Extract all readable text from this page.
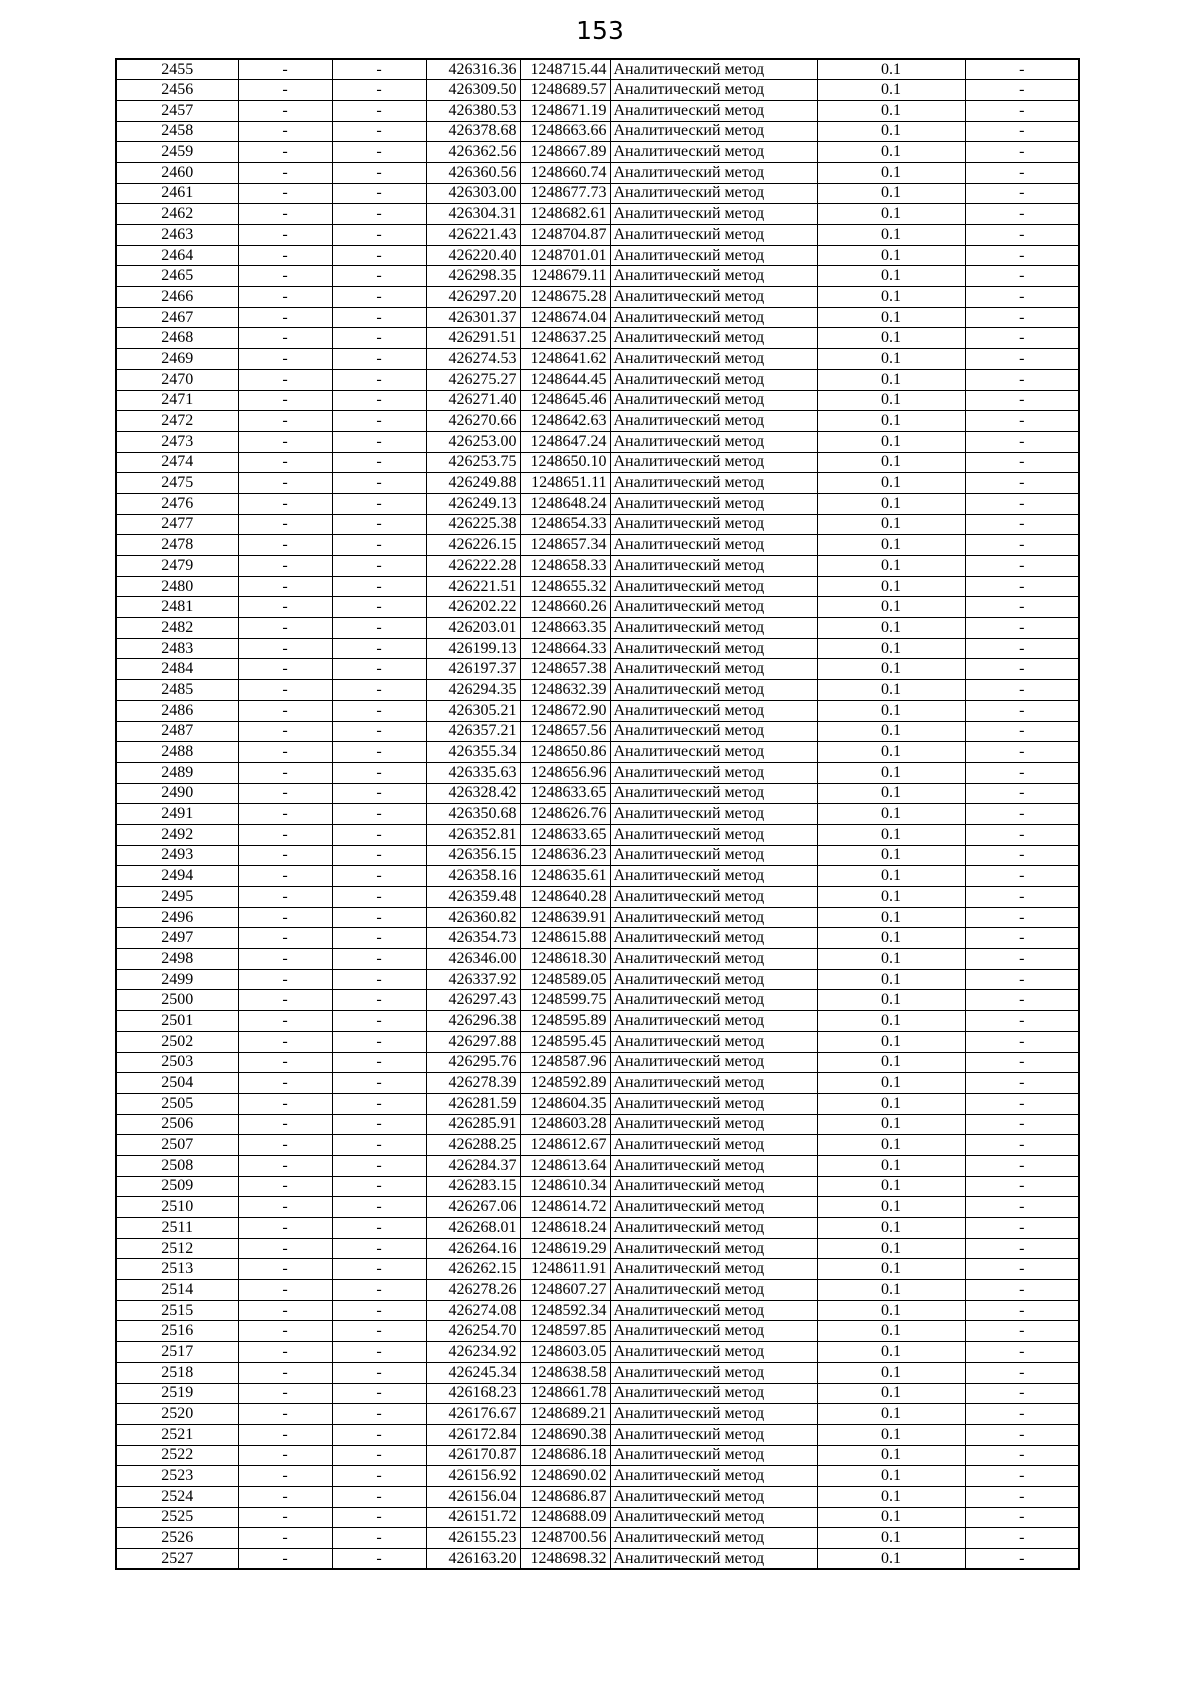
153
2455	-	-	426316.36	1248715.44	Аналитический метод	0.1	-
2456	-	-	426309.50	1248689.57	Аналитический метод	0.1	-
2457	-	-	426380.53	1248671.19	Аналитический метод	0.1	-
2458	-	-	426378.68	1248663.66	Аналитический метод	0.1	-
2459	-	-	426362.56	1248667.89	Аналитический метод	0.1	-
2460	-	-	426360.56	1248660.74	Аналитический метод	0.1	-
2461	-	-	426303.00	1248677.73	Аналитический метод	0.1	-
2462	-	-	426304.31	1248682.61	Аналитический метод	0.1	-
2463	-	-	426221.43	1248704.87	Аналитический метод	0.1	-
2464	-	-	426220.40	1248701.01	Аналитический метод	0.1	-
2465	-	-	426298.35	1248679.11	Аналитический метод	0.1	-
2466	-	-	426297.20	1248675.28	Аналитический метод	0.1	-
2467	-	-	426301.37	1248674.04	Аналитический метод	0.1	-
2468	-	-	426291.51	1248637.25	Аналитический метод	0.1	-
2469	-	-	426274.53	1248641.62	Аналитический метод	0.1	-
2470	-	-	426275.27	1248644.45	Аналитический метод	0.1	-
2471	-	-	426271.40	1248645.46	Аналитический метод	0.1	-
2472	-	-	426270.66	1248642.63	Аналитический метод	0.1	-
2473	-	-	426253.00	1248647.24	Аналитический метод	0.1	-
2474	-	-	426253.75	1248650.10	Аналитический метод	0.1	-
2475	-	-	426249.88	1248651.11	Аналитический метод	0.1	-
2476	-	-	426249.13	1248648.24	Аналитический метод	0.1	-
2477	-	-	426225.38	1248654.33	Аналитический метод	0.1	-
2478	-	-	426226.15	1248657.34	Аналитический метод	0.1	-
2479	-	-	426222.28	1248658.33	Аналитический метод	0.1	-
2480	-	-	426221.51	1248655.32	Аналитический метод	0.1	-
2481	-	-	426202.22	1248660.26	Аналитический метод	0.1	-
2482	-	-	426203.01	1248663.35	Аналитический метод	0.1	-
2483	-	-	426199.13	1248664.33	Аналитический метод	0.1	-
2484	-	-	426197.37	1248657.38	Аналитический метод	0.1	-
2485	-	-	426294.35	1248632.39	Аналитический метод	0.1	-
2486	-	-	426305.21	1248672.90	Аналитический метод	0.1	-
2487	-	-	426357.21	1248657.56	Аналитический метод	0.1	-
2488	-	-	426355.34	1248650.86	Аналитический метод	0.1	-
2489	-	-	426335.63	1248656.96	Аналитический метод	0.1	-
2490	-	-	426328.42	1248633.65	Аналитический метод	0.1	-
2491	-	-	426350.68	1248626.76	Аналитический метод	0.1	-
2492	-	-	426352.81	1248633.65	Аналитический метод	0.1	-
2493	-	-	426356.15	1248636.23	Аналитический метод	0.1	-
2494	-	-	426358.16	1248635.61	Аналитический метод	0.1	-
2495	-	-	426359.48	1248640.28	Аналитический метод	0.1	-
2496	-	-	426360.82	1248639.91	Аналитический метод	0.1	-
2497	-	-	426354.73	1248615.88	Аналитический метод	0.1	-
2498	-	-	426346.00	1248618.30	Аналитический метод	0.1	-
2499	-	-	426337.92	1248589.05	Аналитический метод	0.1	-
2500	-	-	426297.43	1248599.75	Аналитический метод	0.1	-
2501	-	-	426296.38	1248595.89	Аналитический метод	0.1	-
2502	-	-	426297.88	1248595.45	Аналитический метод	0.1	-
2503	-	-	426295.76	1248587.96	Аналитический метод	0.1	-
2504	-	-	426278.39	1248592.89	Аналитический метод	0.1	-
2505	-	-	426281.59	1248604.35	Аналитический метод	0.1	-
2506	-	-	426285.91	1248603.28	Аналитический метод	0.1	-
2507	-	-	426288.25	1248612.67	Аналитический метод	0.1	-
2508	-	-	426284.37	1248613.64	Аналитический метод	0.1	-
2509	-	-	426283.15	1248610.34	Аналитический метод	0.1	-
2510	-	-	426267.06	1248614.72	Аналитический метод	0.1	-
2511	-	-	426268.01	1248618.24	Аналитический метод	0.1	-
2512	-	-	426264.16	1248619.29	Аналитический метод	0.1	-
2513	-	-	426262.15	1248611.91	Аналитический метод	0.1	-
2514	-	-	426278.26	1248607.27	Аналитический метод	0.1	-
2515	-	-	426274.08	1248592.34	Аналитический метод	0.1	-
2516	-	-	426254.70	1248597.85	Аналитический метод	0.1	-
2517	-	-	426234.92	1248603.05	Аналитический метод	0.1	-
2518	-	-	426245.34	1248638.58	Аналитический метод	0.1	-
2519	-	-	426168.23	1248661.78	Аналитический метод	0.1	-
2520	-	-	426176.67	1248689.21	Аналитический метод	0.1	-
2521	-	-	426172.84	1248690.38	Аналитический метод	0.1	-
2522	-	-	426170.87	1248686.18	Аналитический метод	0.1	-
2523	-	-	426156.92	1248690.02	Аналитический метод	0.1	-
2524	-	-	426156.04	1248686.87	Аналитический метод	0.1	-
2525	-	-	426151.72	1248688.09	Аналитический метод	0.1	-
2526	-	-	426155.23	1248700.56	Аналитический метод	0.1	-
2527	-	-	426163.20	1248698.32	Аналитический метод	0.1	-
